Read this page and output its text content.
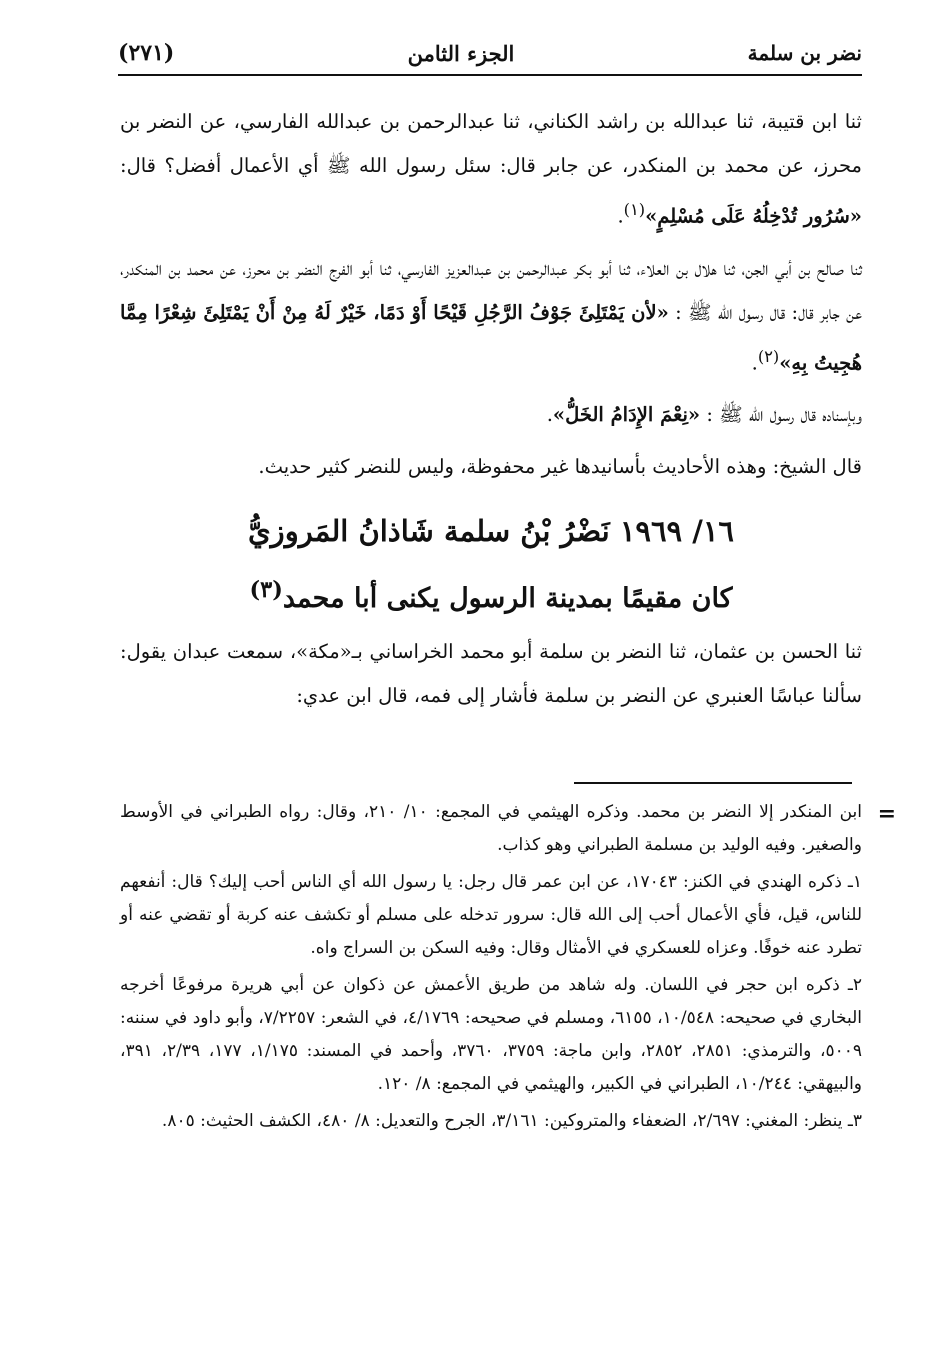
نضر بن سلمة
الجزء الثامن
(٢٧١)

ثنا ابن قتيبة، ثنا عبدالله بن راشد الكناني، ثنا عبدالرحمن بن عبدالله الفارسي، عن النضر بن محرز، عن محمد بن المنكدر، عن جابر قال: سئل رسول الله ﷺ أي الأعمال أفضل؟ قال: «سُرُور تُدْخِلُهُ عَلَى مُسْلِمٍ»$^{(١)}$.

ثنا صالح بن أبي الجن، ثنا هلال بن العلاء، ثنا أبو بكر عبدالرحمن بن عبدالعزيز الفارسي، ثنا أبو الفرج النضر بن محرز، عن محمد بن المنكدر، عن جابر قال: قال رسول الله ﷺ : «لأن يَمْتَلِئَ جَوْفُ الرَّجُلِ قَيْحًا أَوْ دَمًا، خَيْرٌ لَهُ مِنْ أَنْ يَمْتَلِئَ شِعْرًا مِمَّا هُجِيتُ بِهِ»$^{(٢)}$.

وبإسناده قال رسول الله ﷺ : «نِعْمَ الإِدَامُ الخَلُّ».

قال الشيخ: وهذه الأحاديث بأسانيدها غير محفوظة، وليس للنضر كثير حديث.

١٦/ ١٩٦٩ نَضْرُ بْنُ سلمة شَاذانُ المَروزيُّ
كان مقيمًا بمدينة الرسول يكنى أبا محمد$^{(٣)}$

ثنا الحسن بن عثمان، ثنا النضر بن سلمة أبو محمد الخراساني بـ«مكة»، سمعت عبدان يقول: سألنا عباسًا العنبري عن النضر بن سلمة فأشار إلى فمه، قال ابن عدي:

=
ابن المنكدر إلا النضر بن محمد. وذكره الهيثمي في المجمع: ١٠/ ٢١٠، وقال: رواه الطبراني في الأوسط والصغير. وفيه الوليد بن مسلمة الطبراني وهو كذاب.

١ـ ذكره الهندي في الكنز: ١٧٠٤٣، عن ابن عمر قال رجل: يا رسول الله أي الناس أحب إليك؟ قال: أنفعهم للناس، قيل، فأي الأعمال أحب إلى الله قال: سرور تدخله على مسلم أو تكشف عنه كربة أو تقضي عنه أو تطرد عنه خوفًا. وعزاه للعسكري في الأمثال وقال: وفيه السكن بن السراج واه.

٢ـ ذكره ابن حجر في اللسان. وله شاهد من طريق الأعمش عن ذكوان عن أبي هريرة مرفوعًا أخرجه البخاري في صحيحه: ١٠/٥٤٨، ٦١٥٥، ومسلم في صحيحه: ٤/١٧٦٩، في الشعر: ٧/٢٢٥٧، وأبو داود في سننه: ٥٠٠٩، والترمذي: ٢٨٥١، ٢٨٥٢، وابن ماجة: ٣٧٥٩، ٣٧٦٠، وأحمد في المسند: ١/١٧٥، ١٧٧، ٢/٣٩، ٣٩١، والبيهقي: ١٠/٢٤٤، الطبراني في الكبير، والهيثمي في المجمع: ٨/ ١٢٠.

٣ـ ينظر: المغني: ٢/٦٩٧، الضعفاء والمتروكين: ٣/١٦١، الجرح والتعديل: ٨/ ٤٨٠، الكشف الحثيث: ٨٠٥.
